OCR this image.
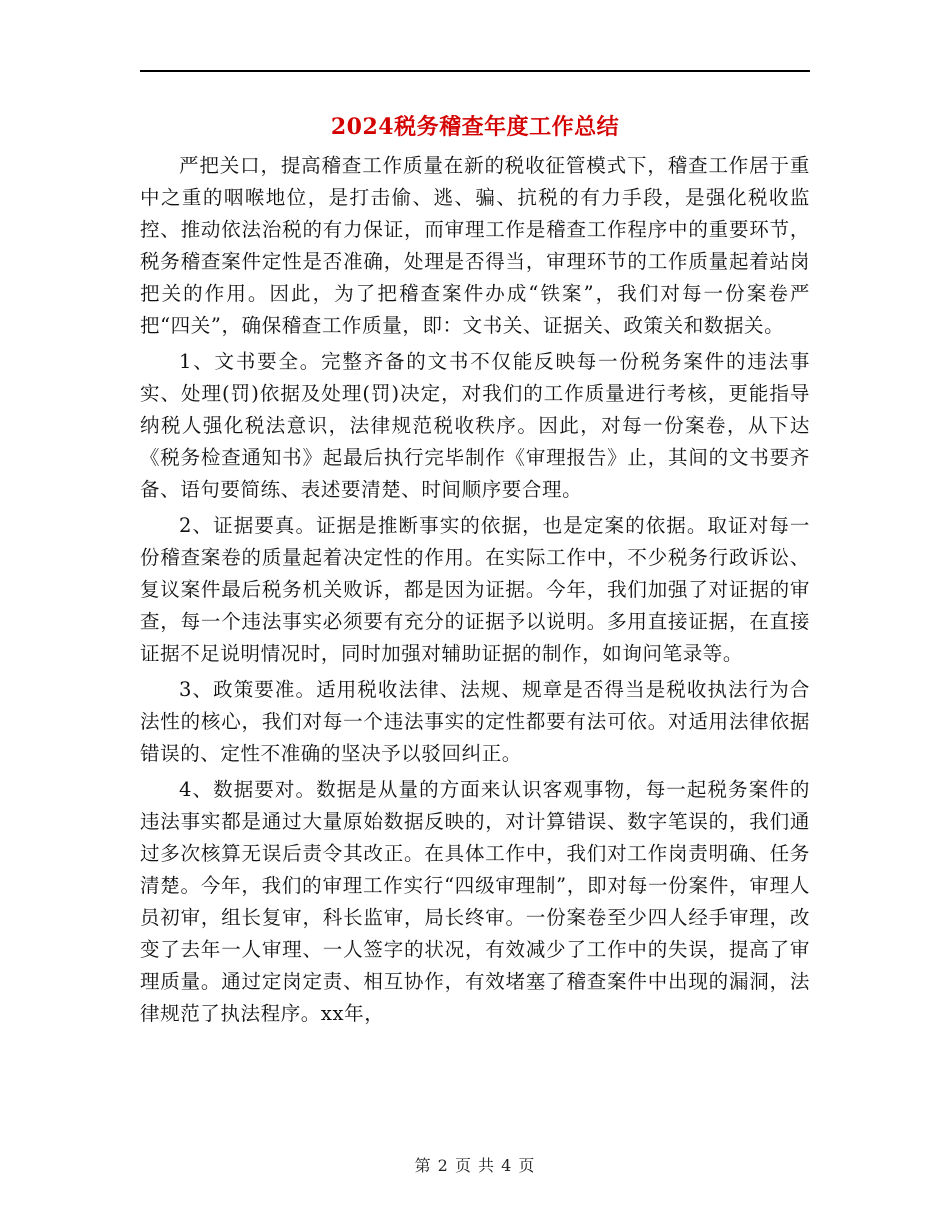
2024税务稽查年度工作总结

严把关口，提高稽查工作质量在新的税收征管模式下，稽查工作居于重中之重的咽喉地位，是打击偷、逃、骗、抗税的有力手段，是强化税收监控、推动依法治税的有力保证，而审理工作是稽查工作程序中的重要环节，税务稽查案件定性是否准确，处理是否得当，审理环节的工作质量起着站岗把关的作用。因此，为了把稽查案件办成“铁案”，我们对每一份案卷严把“四关”，确保稽查工作质量，即：文书关、证据关、政策关和数据关。

1、文书要全。完整齐备的文书不仅能反映每一份税务案件的违法事实、处理(罚)依据及处理(罚)决定，对我们的工作质量进行考核，更能指导纳税人强化税法意识，法律规范税收秩序。因此，对每一份案卷，从下达《税务检查通知书》起最后执行完毕制作《审理报告》止，其间的文书要齐备、语句要简练、表述要清楚、时间顺序要合理。

2、证据要真。证据是推断事实的依据，也是定案的依据。取证对每一份稽查案卷的质量起着决定性的作用。在实际工作中，不少税务行政诉讼、复议案件最后税务机关败诉，都是因为证据。今年，我们加强了对证据的审查，每一个违法事实必须要有充分的证据予以说明。多用直接证据，在直接证据不足说明情况时，同时加强对辅助证据的制作，如询问笔录等。

3、政策要准。适用税收法律、法规、规章是否得当是税收执法行为合法性的核心，我们对每一个违法事实的定性都要有法可依。对适用法律依据错误的、定性不准确的坚决予以驳回纠正。

4、数据要对。数据是从量的方面来认识客观事物，每一起税务案件的违法事实都是通过大量原始数据反映的，对计算错误、数字笔误的，我们通过多次核算无误后责令其改正。在具体工作中，我们对工作岗责明确、任务清楚。今年，我们的审理工作实行“四级审理制”，即对每一份案件，审理人员初审，组长复审，科长监审，局长终审。一份案卷至少四人经手审理，改变了去年一人审理、一人签字的状况，有效减少了工作中的失误，提高了审理质量。通过定岗定责、相互协作，有效堵塞了稽查案件中出现的漏洞，法律规范了执法程序。xx年，

第 2 页 共 4 页
